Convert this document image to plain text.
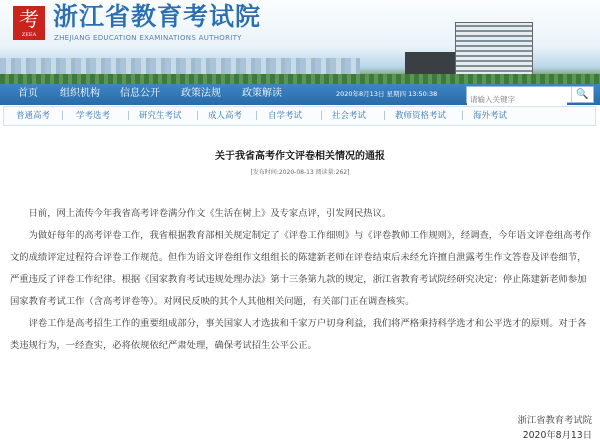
考
ZEEA
浙江省教育考试院
ZHEJIANG EDUCATION EXAMINATIONS AUTHORITY
首页 组织机构 信息公开 政策法规 政策解读	2020年8月13日 星期四 13:50:38
请输入关键字	🔍
普通高考 | 学考选考 | 研究生考试 | 成人高考 | 自学考试 | 社会考试 | 教师资格考试 | 海外考试
关于我省高考作文评卷相关情况的通报
[发布时间:2020-08-13 阅读量:262]

日前，网上流传今年我省高考评卷满分作文《生活在树上》及专家点评，引发网民热议。

为做好每年的高考评卷工作，我省根据教育部相关规定制定了《评卷工作细则》与《评卷教师工作规则》，经调查，今年语文评卷组高考作文的成绩评定过程符合评卷工作规范。但作为语文评卷组作文组组长的陈建新老师在评卷结束后未经允许擅自泄露考生作文答卷及评卷细节，严重违反了评卷工作纪律。根据《国家教育考试违规处理办法》第十三条第九款的规定，浙江省教育考试院经研究决定：停止陈建新老师参加国家教育考试工作（含高考评卷等）。对网民反映的其个人其他相关问题，有关部门正在调查核实。

评卷工作是高考招生工作的重要组成部分，事关国家人才选拔和千家万户切身利益，我们将严格秉持科学选才和公平选才的原则。对于各类违规行为，一经查实，必将依规依纪严肃处理，确保考试招生公平公正。

浙江省教育考试院
2020年8月13日
